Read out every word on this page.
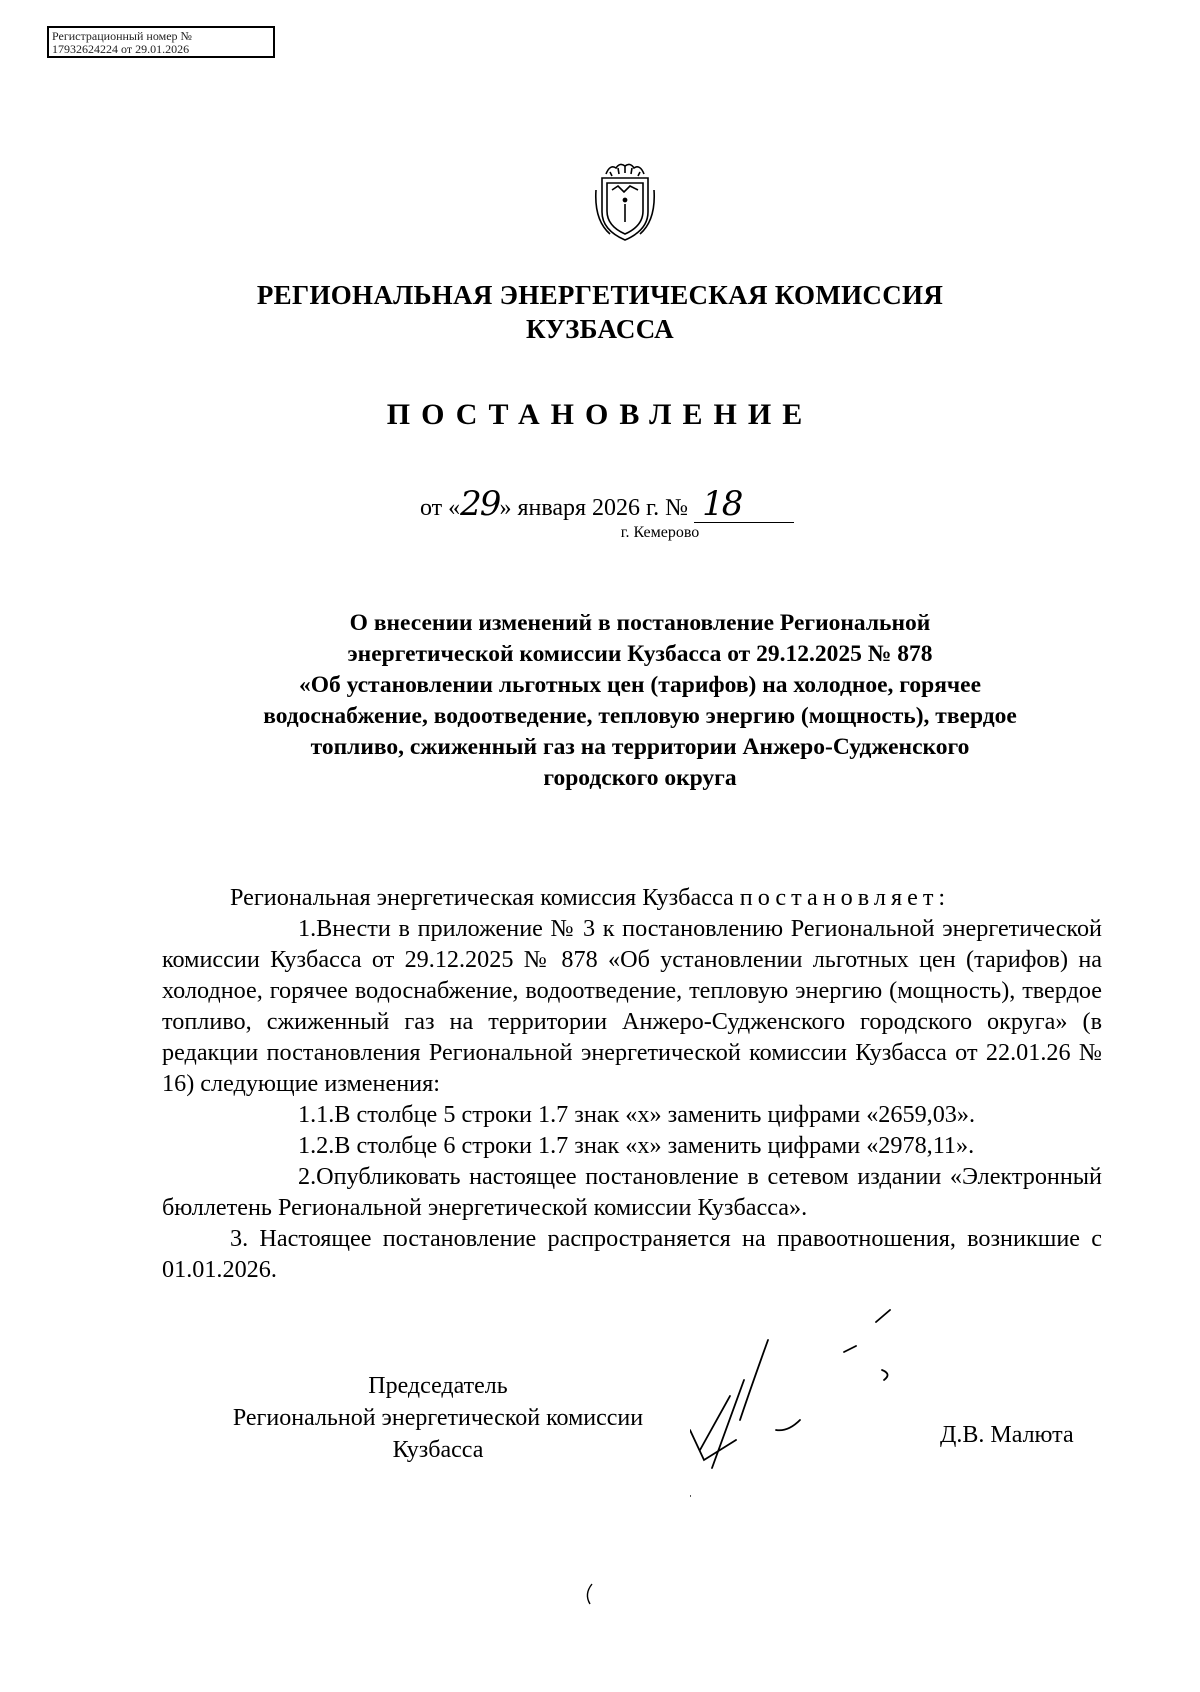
Регистрационный номер №
17932624224 от 29.01.2026
РЕГИОНАЛЬНАЯ ЭНЕРГЕТИЧЕСКАЯ КОМИССИЯ
КУЗБАССА
ПОСТАНОВЛЕНИЕ
от «29» января 2026 г. № 18
г. Кемерово
О внесении изменений в постановление Региональной
энергетической комиссии Кузбасса от 29.12.2025 № 878
«Об установлении льготных цен (тарифов) на холодное, горячее
водоснабжение, водоотведение, тепловую энергию (мощность), твердое
топливо, сжиженный газ на территории Анжеро-Судженского
городского округа

Региональная энергетическая комиссия Кузбасса постановляет:

1.Внести в приложение № 3 к постановлению Региональной энергетической комиссии Кузбасса от 29.12.2025 № 878 «Об установлении льготных цен (тарифов) на холодное, горячее водоснабжение, водоотведение, тепловую энергию (мощность), твердое топливо, сжиженный газ на территории Анжеро-Судженского городского округа» (в редакции постановления Региональной энергетической комиссии Кузбасса от 22.01.26 № 16) следующие изменения:

1.1.В столбце 5 строки 1.7 знак «х» заменить цифрами «2659,03».

1.2.В столбце 6 строки 1.7 знак «х» заменить цифрами «2978,11».

2.Опубликовать настоящее постановление в сетевом издании «Электронный бюллетень Региональной энергетической комиссии Кузбасса».

3. Настоящее постановление распространяется на правоотношения, возникшие с 01.01.2026.

Председатель
Региональной энергетической комиссии
Кузбасса
Д.В. Малюта
